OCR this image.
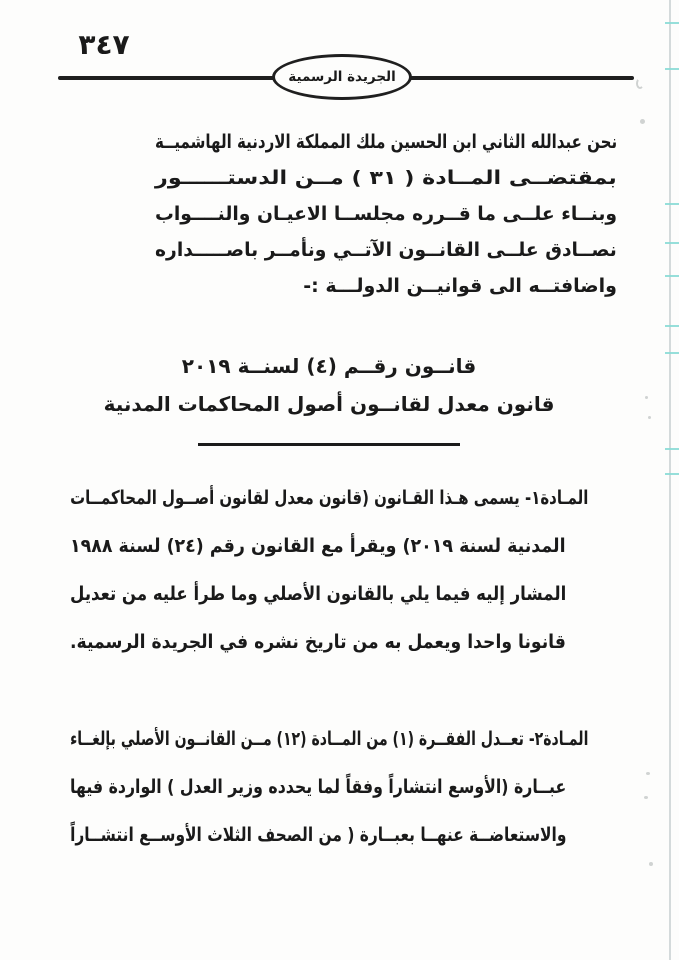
٣٤٧
الجريدة الرسمية
نحن عبدالله الثاني ابن الحسين ملك المملكة الاردنية الهاشميــة
بمقتضــى المــادة ( ٣١ ) مــن الدستــــــور
وبنــاء علــى ما قــرره مجلســا الاعيـان والنــــواب
نصــادق علــى القانــون الآتــي ونأمــر باصـــــداره
واضافتــه الى قوانيــن الدولـــة :-
قانــون رقــم (٤) لسنــة ٢٠١٩
قانون معدل لقانــون أصول المحاكمات المدنية
المـادة١- يسمى هـذا القـانون (قانون معدل لقانون أصــول المحاكمــات
المدنية لسنة ٢٠١٩) ويقرأ مع القانون رقم (٢٤) لسنة ١٩٨٨
المشار إليه فيما يلي بالقانون الأصلي وما طرأ عليه من تعديل
قانونا واحدا ويعمل به من تاريخ نشره في الجريدة الرسمية.
المـادة٢- تعــدل الفقــرة (١) من المــادة (١٢) مــن القانــون الأصلي بإلغــاء
عبــارة (الأوسع انتشاراً وفقاً لما يحدده وزير العدل ) الواردة فيها
والاستعاضــة عنهــا بعبــارة ( من الصحف الثلاث الأوســع انتشــاراً
